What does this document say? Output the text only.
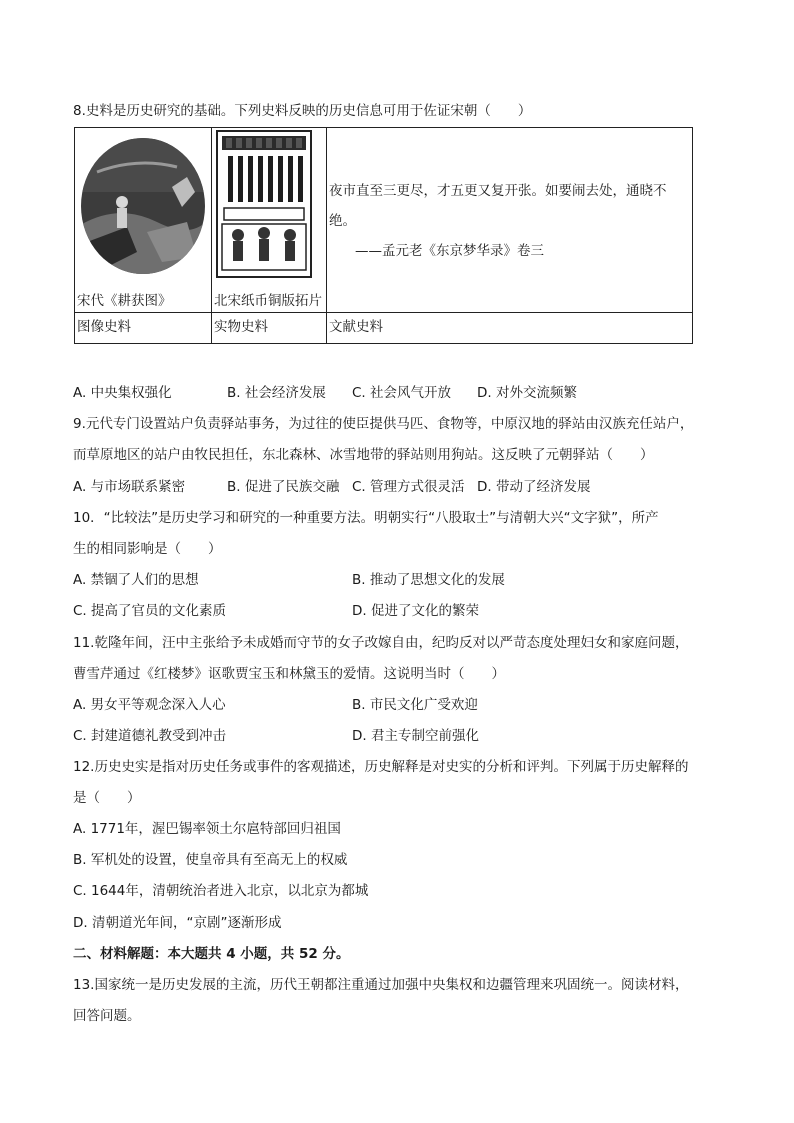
8.史料是历史研究的基础。下列史料反映的历史信息可用于佐证宋朝（　　）
宋代《耕获图》	北宋纸币铜版拓片	夜市直至三更尽，才五更又复开张。如要闹去处，通晓不
绝。
——孟元老《东京梦华录》卷三

图像史料	实物史料	文献史料
A. 中央集权强化	B. 社会经济发展 C. 社会风气开放 D. 对外交流频繁
9.元代专门设置站户负责驿站事务，为过往的使臣提供马匹、食物等，中原汉地的驿站由汉族充任站户，
而草原地区的站户由牧民担任，东北森林、冰雪地带的驿站则用狗站。这反映了元朝驿站（　　）
A. 与市场联系紧密	B. 促进了民族交融 C. 管理方式很灵活 D. 带动了经济发展
10．“比较法”是历史学习和研究的一种重要方法。明朝实行“八股取士”与清朝大兴“文字狱”，所产
生的相同影响是（　　）
A. 禁锢了人们的思想	B. 推动了思想文化的发展
C. 提高了官员的文化素质	D. 促进了文化的繁荣
11.乾隆年间，汪中主张给予未成婚而守节的女子改嫁自由，纪昀反对以严苛态度处理妇女和家庭问题，
曹雪芹通过《红楼梦》讴歌贾宝玉和林黛玉的爱情。这说明当时（　　）
A. 男女平等观念深入人心	B. 市民文化广受欢迎
C. 封建道德礼教受到冲击	D. 君主专制空前强化
12.历史史实是指对历史任务或事件的客观描述，历史解释是对史实的分析和评判。下列属于历史解释的
是（　　）
A. 1771年，渥巴锡率领土尔扈特部回归祖国
B. 军机处的设置，使皇帝具有至高无上的权威
C. 1644年，清朝统治者进入北京，以北京为都城
D. 清朝道光年间，“京剧”逐渐形成
二、材料解题：本大题共 4 小题，共 52 分。
13.国家统一是历史发展的主流，历代王朝都注重通过加强中央集权和边疆管理来巩固统一。阅读材料，
回答问题。
